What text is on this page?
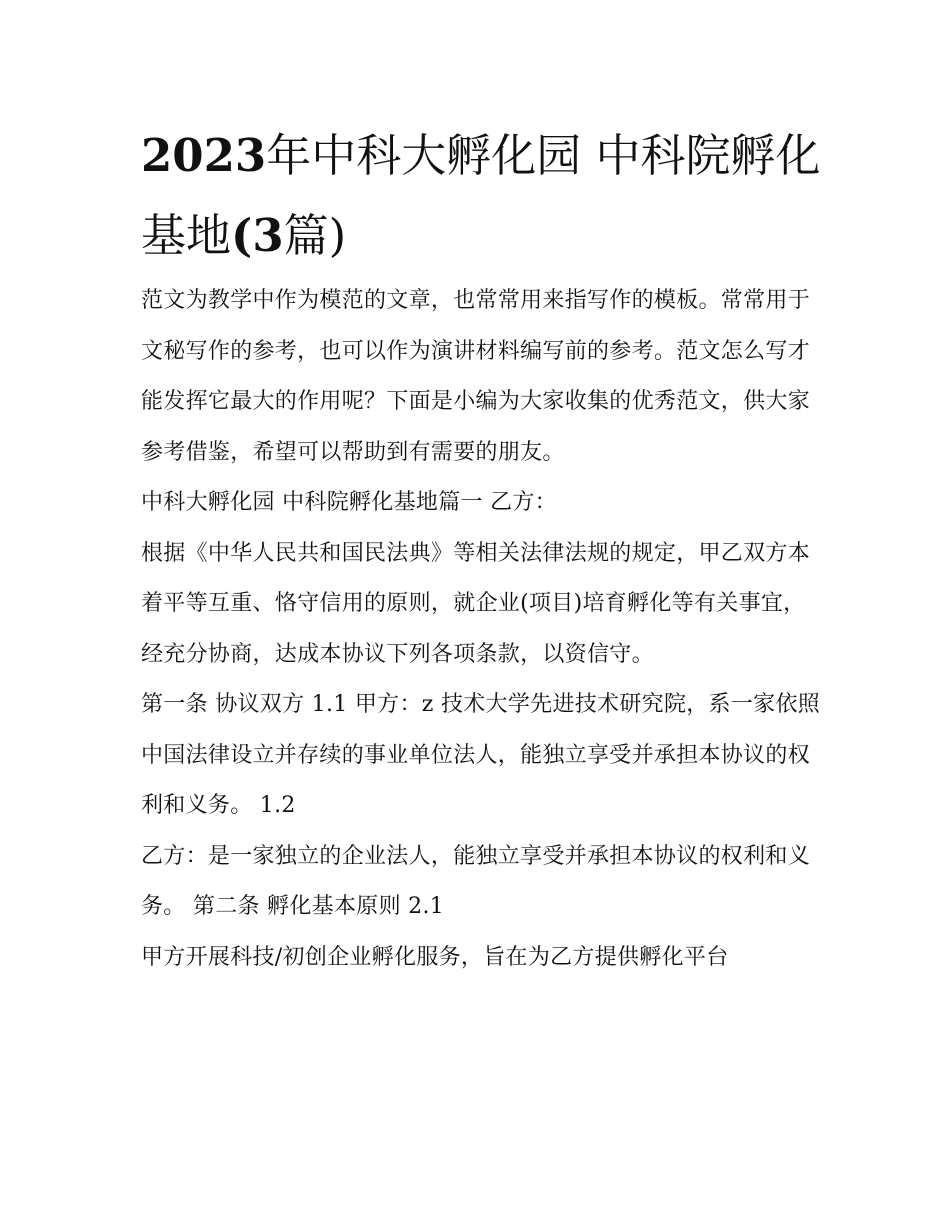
2023年中科大孵化园 中科院孵化基地(3篇)

范文为教学中作为模范的文章，也常常用来指写作的模板。常常用于文秘写作的参考，也可以作为演讲材料编写前的参考。范文怎么写才能发挥它最大的作用呢？下面是小编为大家收集的优秀范文，供大家参考借鉴，希望可以帮助到有需要的朋友。

中科大孵化园 中科院孵化基地篇一 乙方：

根据《中华人民共和国民法典》等相关法律法规的规定，甲乙双方本着平等互重、恪守信用的原则，就企业(项目)培育孵化等有关事宜，经充分协商，达成本协议下列各项条款，以资信守。

第一条 协议双方 1.1 甲方：z 技术大学先进技术研究院，系一家依照中国法律设立并存续的事业单位法人，能独立享受并承担本协议的权利和义务。 1.2

乙方：是一家独立的企业法人，能独立享受并承担本协议的权利和义务。 第二条 孵化基本原则 2.1

甲方开展科技/初创企业孵化服务，旨在为乙方提供孵化平台
